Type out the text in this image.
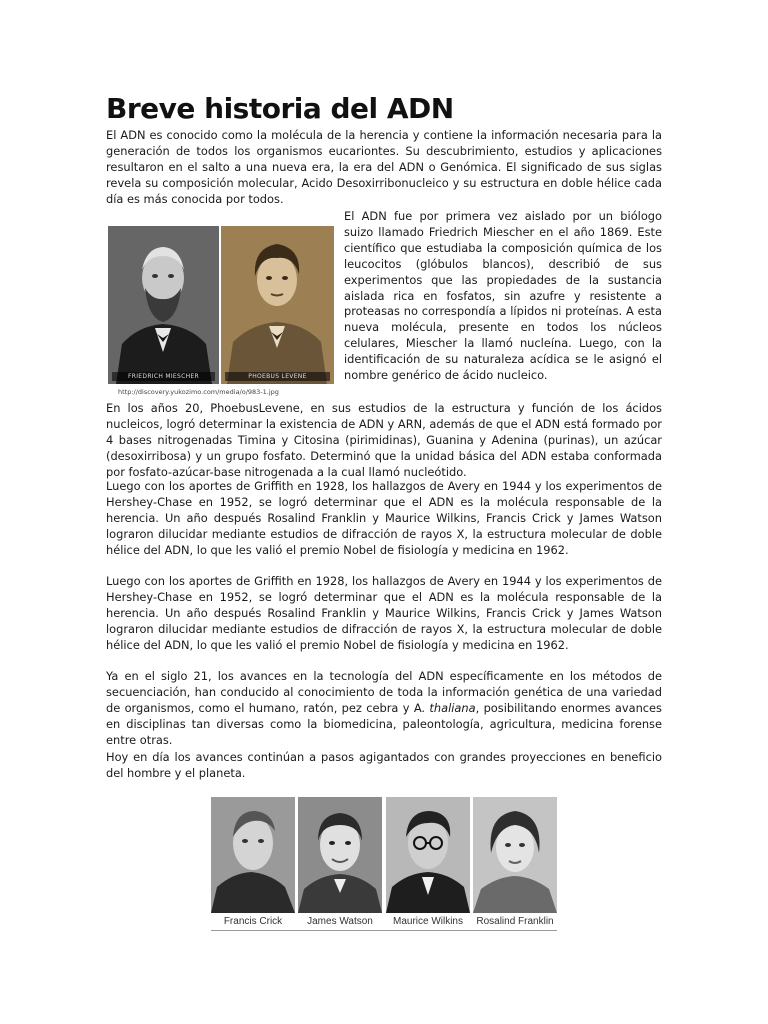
Breve historia del ADN

El ADN es conocido como la molécula de la herencia y contiene la información necesaria para la generación de todos los organismos eucariontes. Su descubrimiento, estudios y aplicaciones resultaron en el salto a una nueva era, la era del ADN o Genómica. El significado de sus siglas revela su composición molecular, Acido Desoxirribonucleico y su estructura en doble hélice cada día es más conocida por todos.

FRIEDRICH MIESCHER	PHOEBUS LEVENE
http://discovery.yukozimo.com/media/o/983-1.jpg

El ADN fue por primera vez aislado por un biólogo suizo llamado Friedrich Miescher en el año 1869. Este científico que estudiaba la composición química de los leucocitos (glóbulos blancos), describió de sus experimentos que las propiedades de la sustancia aislada rica en fosfatos, sin azufre y resistente a proteasas no correspondía a lípidos ni proteínas. A esta nueva molécula, presente en todos los núcleos celulares, Miescher la llamó nucleína. Luego, con la identificación de su naturaleza acídica se le asignó el nombre genérico de ácido nucleico.

En los años 20, PhoebusLevene, en sus estudios de la estructura y función de los ácidos nucleicos, logró determinar la existencia de ADN y ARN, además de que el ADN está formado por 4 bases nitrogenadas Timina y Citosina (pirimidinas), Guanina y Adenina (purinas), un azúcar (desoxirribosa) y un grupo fosfato. Determinó que la unidad básica del ADN estaba conformada por fosfato-azúcar-base nitrogenada a la cual llamó nucleótido.

Luego con los aportes de Griffith en 1928, los hallazgos de Avery en 1944 y los experimentos de Hershey-Chase en 1952, se logró determinar que el ADN es la molécula responsable de la herencia. Un año después Rosalind Franklin y Maurice Wilkins, Francis Crick y James Watson lograron dilucidar mediante estudios de difracción de rayos X, la estructura molecular de doble hélice del ADN, lo que les valió el premio Nobel de fisiología y medicina en 1962.

Luego con los aportes de Griffith en 1928, los hallazgos de Avery en 1944 y los experimentos de Hershey-Chase en 1952, se logró determinar que el ADN es la molécula responsable de la herencia. Un año después Rosalind Franklin y Maurice Wilkins, Francis Crick y James Watson lograron dilucidar mediante estudios de difracción de rayos X, la estructura molecular de doble hélice del ADN, lo que les valió el premio Nobel de fisiología y medicina en 1962.

Ya en el siglo 21, los avances en la tecnología del ADN específicamente en los métodos de secuenciación, han conducido al conocimiento de toda la información genética de una variedad de organismos, como el humano, ratón, pez cebra y A. thaliana, posibilitando enormes avances en disciplinas tan diversas como la biomedicina, paleontología, agricultura, medicina forense entre otras.

Hoy en día los avances continúan a pasos agigantados con grandes proyecciones en beneficio del hombre y el planeta.

Francis Crick	James Watson	Maurice Wilkins	Rosalind Franklin
